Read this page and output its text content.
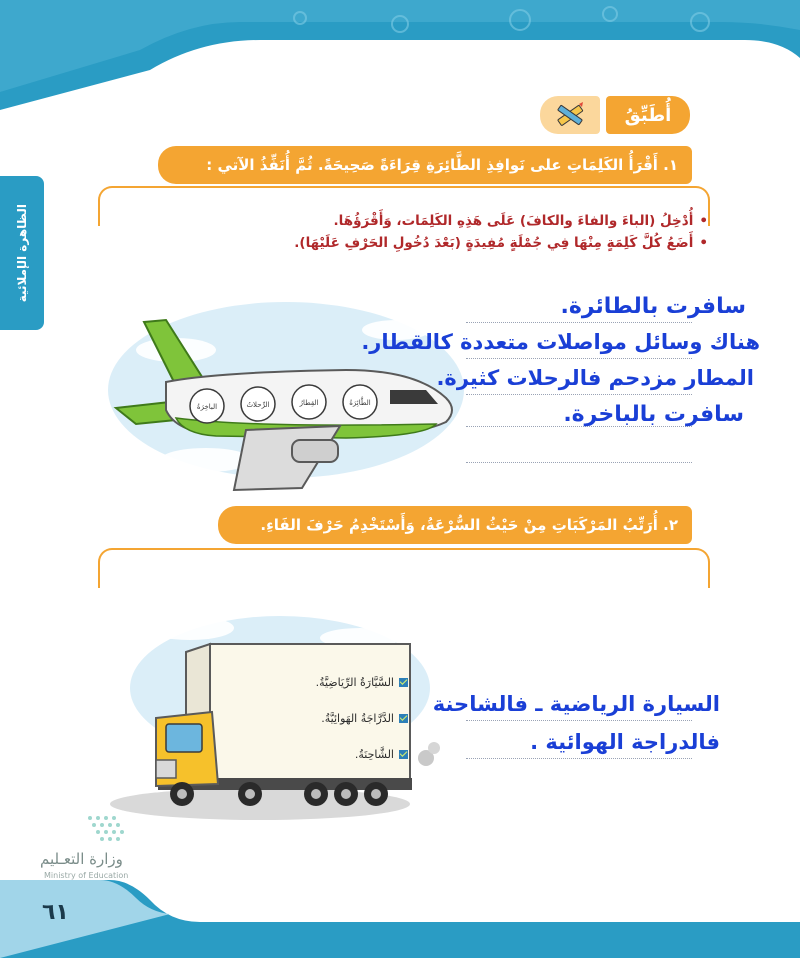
الظاهرة الإملائية
أُطَبِّقُ
١. أَقْرَأُ الكَلِمَاتِ على نَوافِذِ الطَّائِرَةِ قِرَاءَةً صَحِيحَةً. ثُمَّ أُنَفِّذُ الآتي :
• أُدْخِلُ (الباءَ والفاءَ والكافَ) عَلَى هَذِهِ الكَلِمَات، وَأَقْرَؤُهَا.
• أَضَعُ كُلَّ كَلِمَةٍ مِنْهَا فِي جُمْلَةٍ مُفِيدَةٍ (بَعْدَ دُخُولِ الحَرْفِ عَلَيْهَا).
الطَّائِرَةُ
القِطارُ
الرِّحلاتُ
الباخِرَةُ
سافرت بالطائرة.
هناك وسائل مواصلات متعددة كالقطار.
المطار مزدحم فالرحلات كثيرة.
سافرت بالباخرة.
٢. أُرَتِّبُ المَرْكَبَاتِ مِنْ حَيْثُ السُّرْعَةُ، وَأَسْتَخْدِمُ حَرْفَ الفَاءِ.
السَّيَّارَةُ الرِّيَاضِيَّةُ.
الدَّرَّاجَةُ الهَوائِيَّةُ.
الشَّاحِنَةُ.
السيارة الرياضية ـ فالشاحنة
فالدراجة الهوائية .
وزارة التعـليم
Ministry of Education
٦١
